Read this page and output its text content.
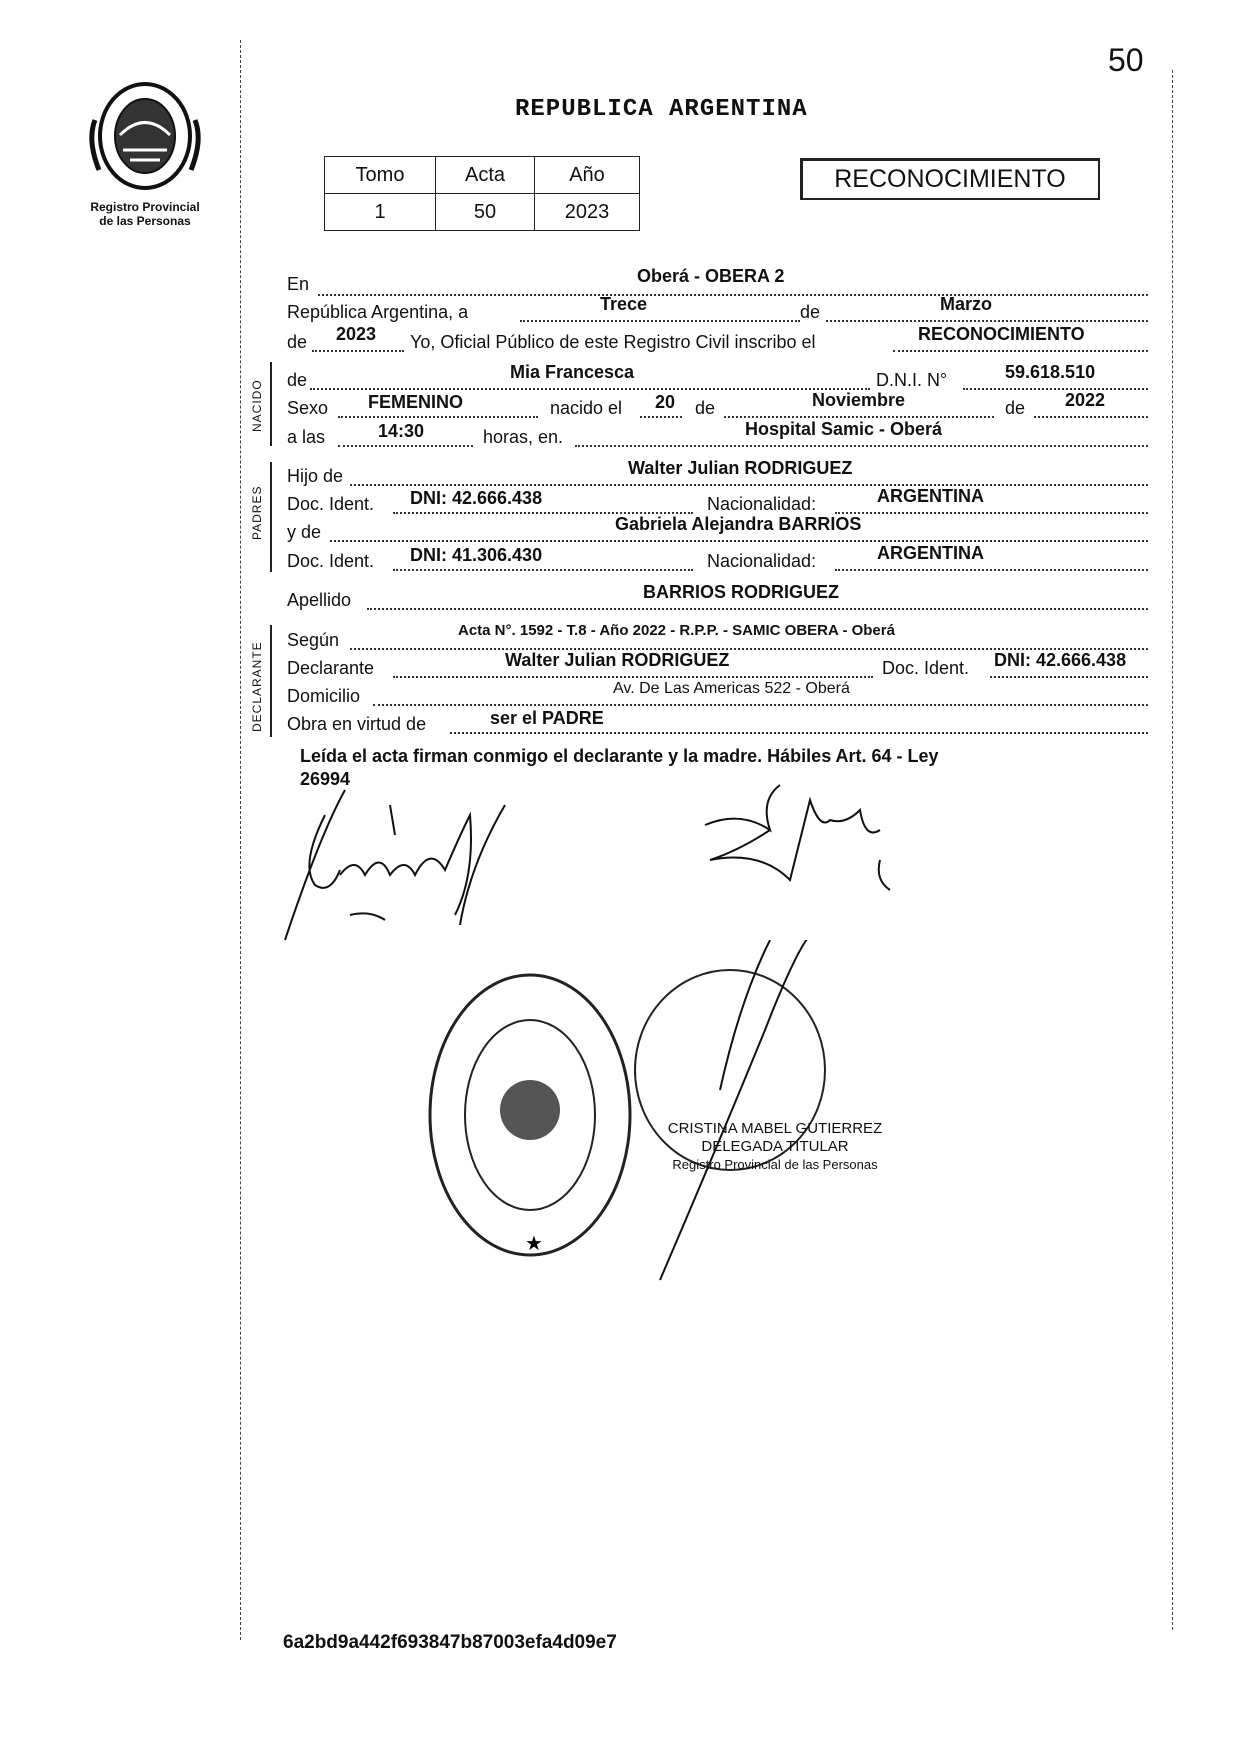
50
Registro Provincial
de las Personas
REPUBLICA ARGENTINA
Tomo	Acta	Año
1	50	2023
RECONOCIMIENTO
En	Oberá - OBERA 2
República Argentina, a	Trece	de	Marzo
de 2023 Yo, Oficial Público de este Registro Civil inscribo el	RECONOCIMIENTO
NACIDO de	Mia Francesca	D.N.I. N°	59.618.510
Sexo FEMENINO	nacido el 20 de	Noviembre	de 2022
a las	14:30	horas, en.	Hospital Samic - Oberá
PADRES
Hijo de	Walter Julian RODRIGUEZ
Doc. Ident. DNI: 42.666.438	Nacionalidad:	ARGENTINA
y de	Gabriela Alejandra BARRIOS
Doc. Ident. DNI: 41.306.430	Nacionalidad:	ARGENTINA
Apellido	BARRIOS RODRIGUEZ
DECLARANTE
Según	Acta N°. 1592 - T.8 - Año 2022 - R.P.P. - SAMIC OBERA - Oberá
Declarante	Walter Julian RODRIGUEZ	Doc. Ident. DNI: 42.666.438
Domicilio	Av. De Las Americas 522 - Oberá
Obra en virtud de	ser el PADRE
Leída el acta firman conmigo el declarante y la madre. Hábiles Art. 64 - Ley
26994
★
CRISTINA MABEL GUTIERREZ
DELEGADA TITULAR
Registro Provincial de las Personas
6a2bd9a442f693847b87003efa4d09e7
